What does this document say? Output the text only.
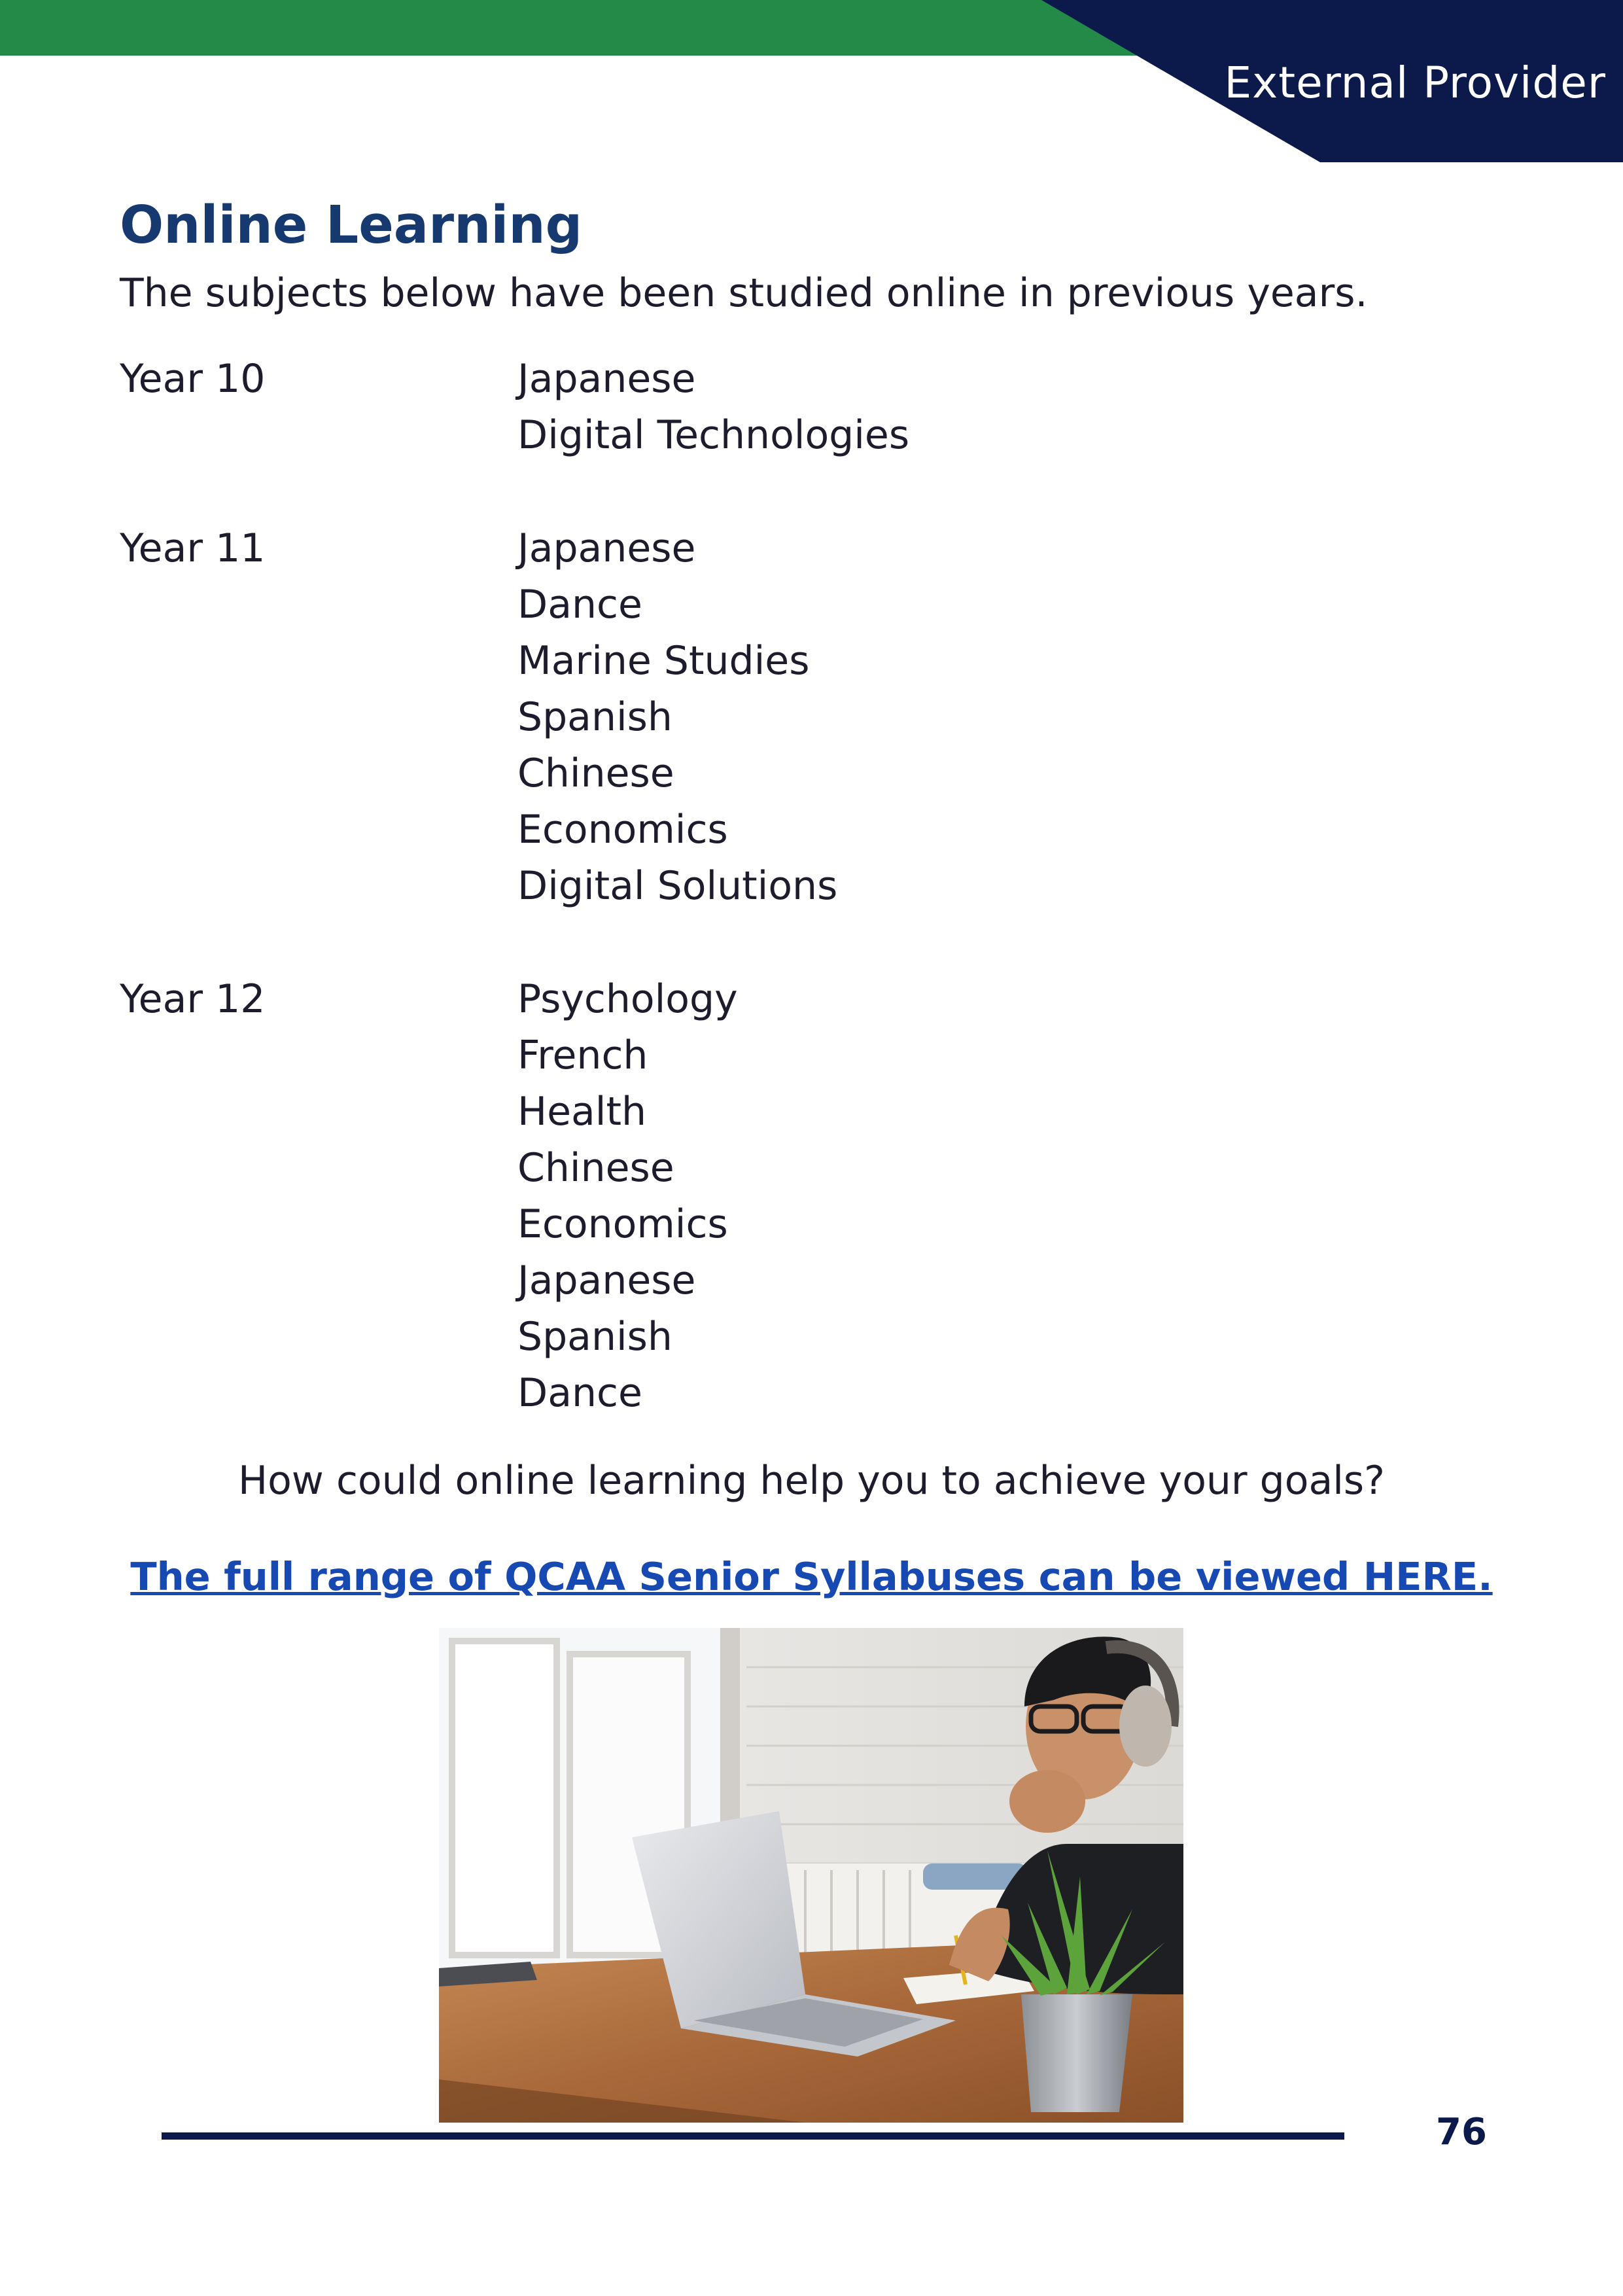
External Provider
Online Learning
The subjects below have been studied online in previous years.
Year 10	Japanese
Digital Technologies
Year 11	Japanese
Dance
Marine Studies
Spanish
Chinese
Economics
Digital Solutions
Year 12	Psychology
French
Health
Chinese
Economics
Japanese
Spanish
Dance
How could online learning help you to achieve your goals?
The full range of QCAA Senior Syllabuses can be viewed HERE.
76
